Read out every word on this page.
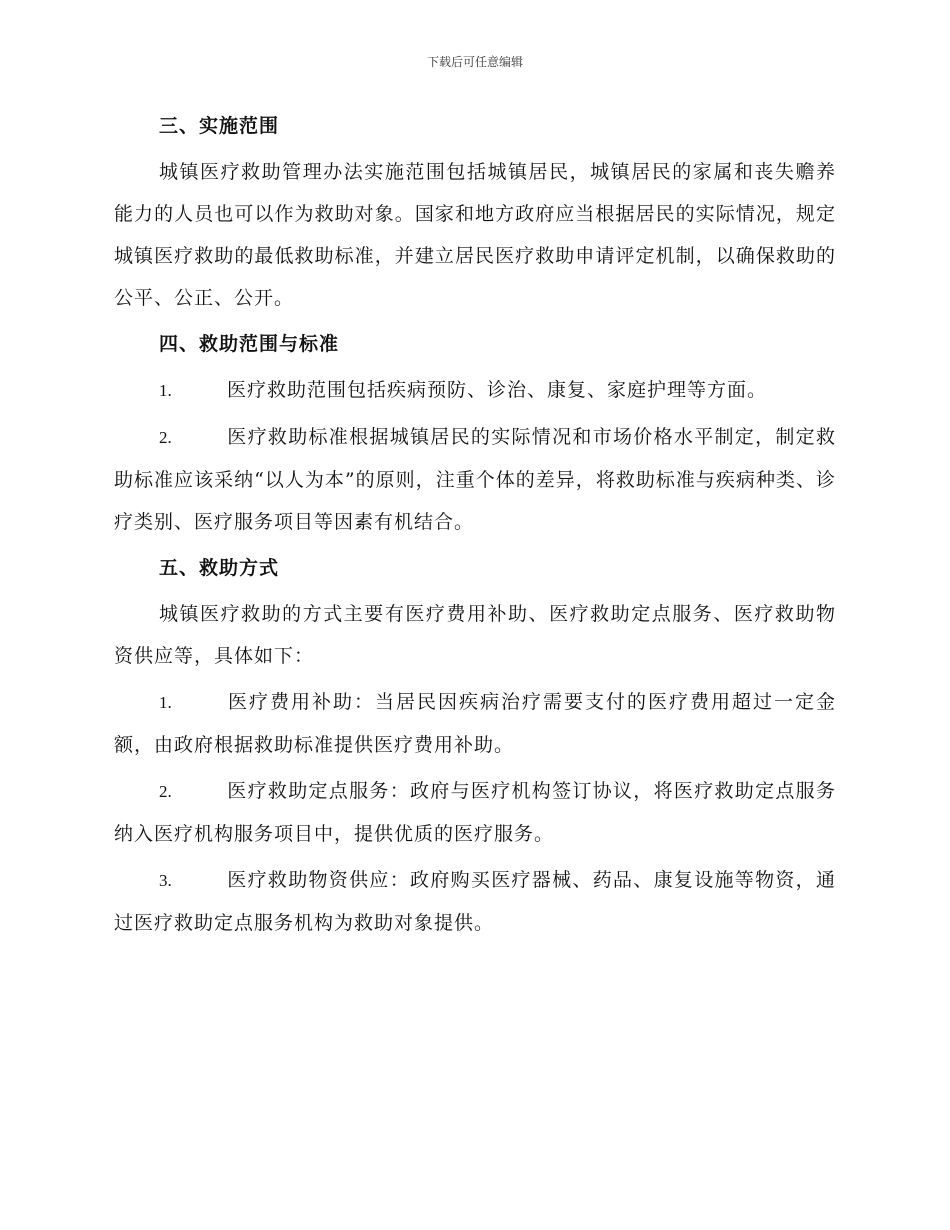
下载后可任意编辑
三、实施范围

城镇医疗救助管理办法实施范围包括城镇居民，城镇居民的家属和丧失赡养能力的人员也可以作为救助对象。国家和地方政府应当根据居民的实际情况，规定城镇医疗救助的最低救助标准，并建立居民医疗救助申请评定机制，以确保救助的公平、公正、公开。

四、救助范围与标准

1.	医疗救助范围包括疾病预防、诊治、康复、家庭护理等方面。

2.	医疗救助标准根据城镇居民的实际情况和市场价格水平制定，制定救助标准应该采纳“以人为本”的原则，注重个体的差异，将救助标准与疾病种类、诊疗类别、医疗服务项目等因素有机结合。

五、救助方式

城镇医疗救助的方式主要有医疗费用补助、医疗救助定点服务、医疗救助物资供应等，具体如下：

1.	医疗费用补助：当居民因疾病治疗需要支付的医疗费用超过一定金额，由政府根据救助标准提供医疗费用补助。

2.	医疗救助定点服务：政府与医疗机构签订协议，将医疗救助定点服务纳入医疗机构服务项目中，提供优质的医疗服务。

3.	医疗救助物资供应：政府购买医疗器械、药品、康复设施等物资，通过医疗救助定点服务机构为救助对象提供。
